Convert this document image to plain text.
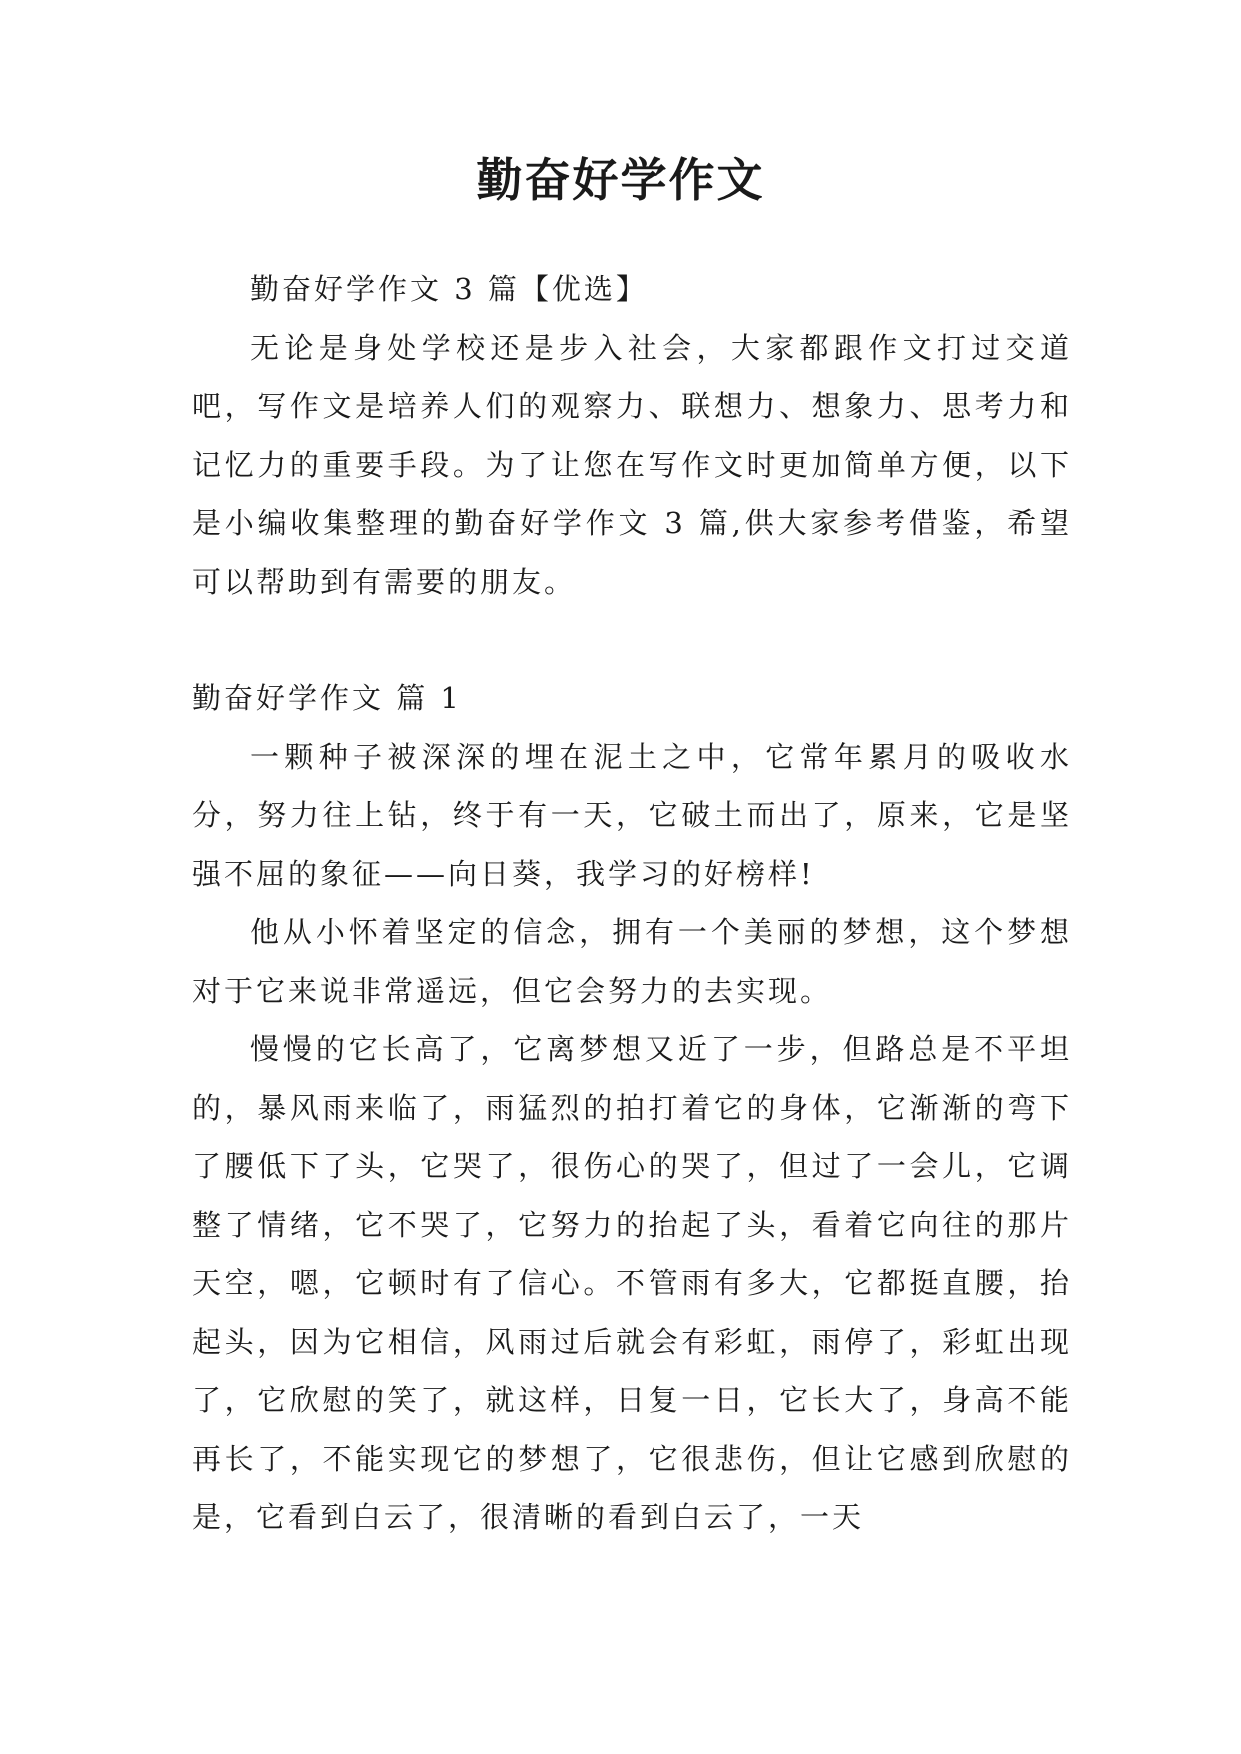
勤奋好学作文

勤奋好学作文 3 篇【优选】

无论是身处学校还是步入社会，大家都跟作文打过交道吧，写作文是培养人们的观察力、联想力、想象力、思考力和记忆力的重要手段。为了让您在写作文时更加简单方便，以下是小编收集整理的勤奋好学作文 3 篇,供大家参考借鉴，希望可以帮助到有需要的朋友。

勤奋好学作文 篇 1

一颗种子被深深的埋在泥土之中，它常年累月的吸收水分，努力往上钻，终于有一天，它破土而出了，原来，它是坚强不屈的象征——向日葵，我学习的好榜样!

他从小怀着坚定的信念，拥有一个美丽的梦想，这个梦想对于它来说非常遥远，但它会努力的去实现。

慢慢的它长高了，它离梦想又近了一步，但路总是不平坦的，暴风雨来临了，雨猛烈的拍打着它的身体，它渐渐的弯下了腰低下了头，它哭了，很伤心的哭了，但过了一会儿，它调整了情绪，它不哭了，它努力的抬起了头，看着它向往的那片天空，嗯，它顿时有了信心。不管雨有多大，它都挺直腰，抬起头，因为它相信，风雨过后就会有彩虹，雨停了，彩虹出现了，它欣慰的笑了，就这样，日复一日，它长大了，身高不能再长了，不能实现它的梦想了，它很悲伤，但让它感到欣慰的是，它看到白云了，很清晰的看到白云了，一天
